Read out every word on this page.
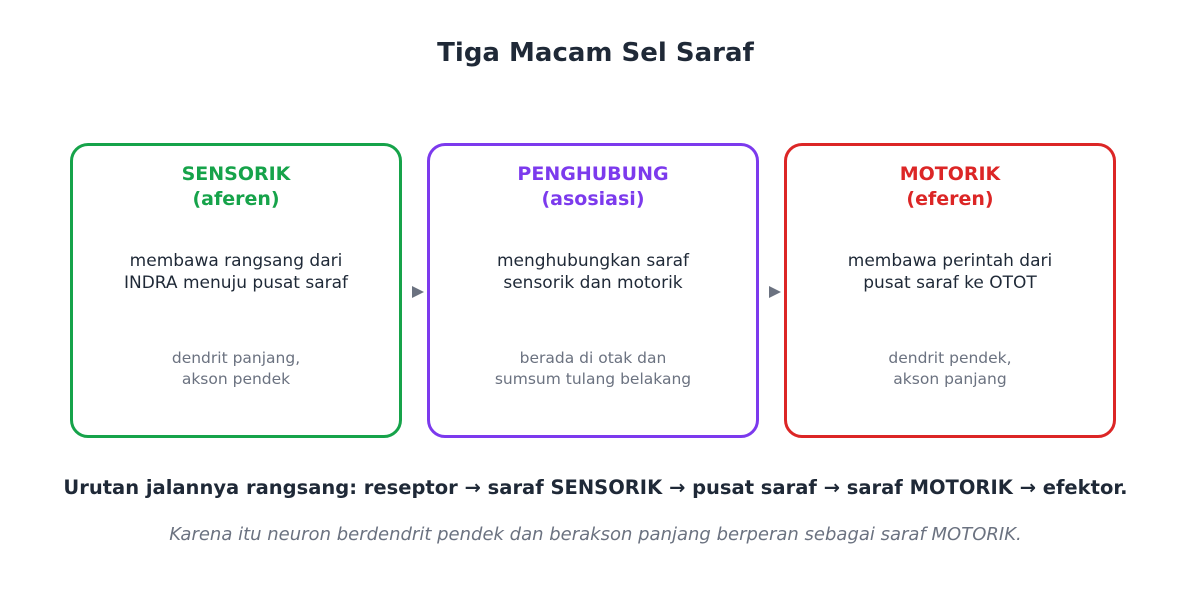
Tiga Macam Sel Saraf
SENSORIK
(aferen)
membawa rangsang dari
INDRA menuju pusat saraf
dendrit panjang,
akson pendek
PENGHUBUNG
(asosiasi)
menghubungkan saraf
sensorik dan motorik
berada di otak dan
sumsum tulang belakang
MOTORIK
(eferen)
membawa perintah dari
pusat saraf ke OTOT
dendrit pendek,
akson panjang
Urutan jalannya rangsang: reseptor → saraf SENSORIK → pusat saraf → saraf MOTORIK → efektor.
Karena itu neuron berdendrit pendek dan berakson panjang berperan sebagai saraf MOTORIK.
